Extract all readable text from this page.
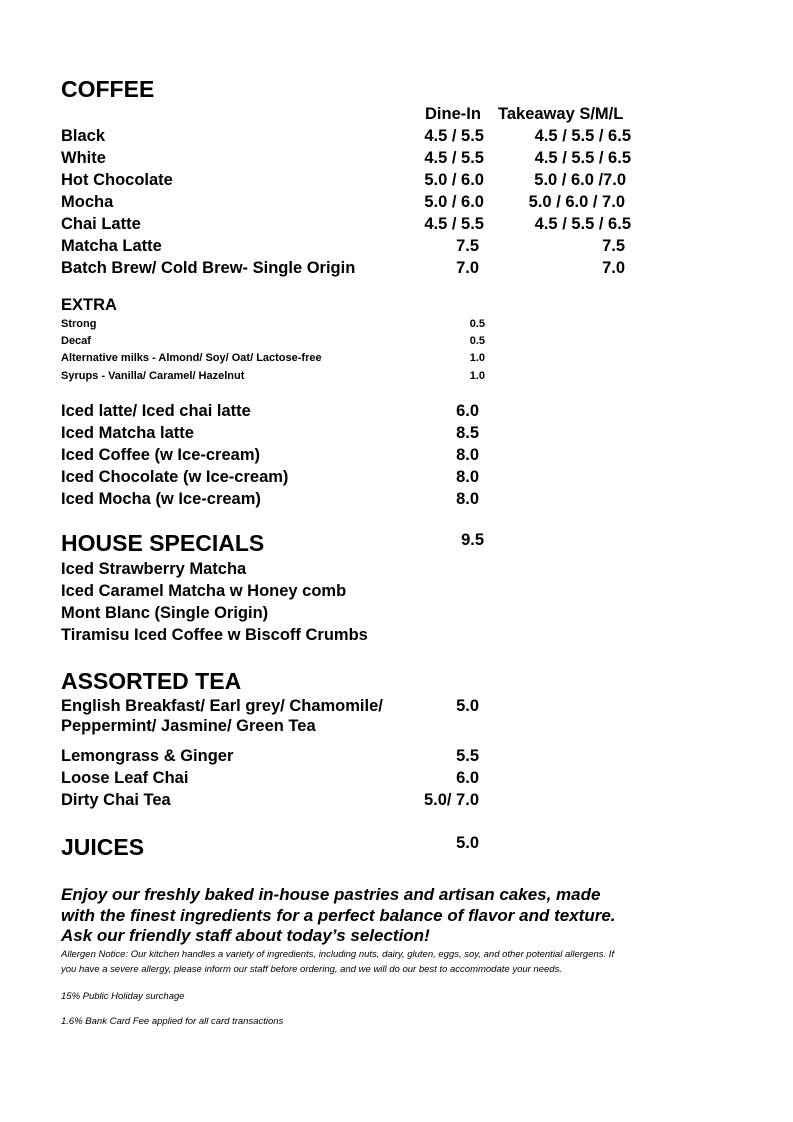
COFFEE
Dine-In Takeaway S/M/L
Black	4.5 / 5.5	4.5 / 5.5 / 6.5
White	4.5 / 5.5	4.5 / 5.5 / 6.5
Hot Chocolate	5.0 / 6.0	5.0 / 6.0 /7.0
Mocha	5.0 / 6.0	5.0 / 6.0 / 7.0
Chai Latte	4.5 / 5.5	4.5 / 5.5 / 6.5
Matcha Latte	7.5	7.5
Batch Brew/ Cold Brew- Single Origin	7.0	7.0
EXTRA
Strong	0.5
Decaf	0.5
Alternative milks - Almond/ Soy/ Oat/ Lactose-free	1.0
Syrups - Vanilla/ Caramel/ Hazelnut	1.0
Iced latte/ Iced chai latte	6.0
Iced Matcha latte	8.5
Iced Coffee (w Ice-cream)	8.0
Iced Chocolate (w Ice-cream)	8.0
Iced Mocha (w Ice-cream)	8.0
HOUSE SPECIALS	9.5
Iced Strawberry Matcha
Iced Caramel Matcha w Honey comb
Mont Blanc (Single Origin)
Tiramisu Iced Coffee w Biscoff Crumbs
ASSORTED TEA
English Breakfast/ Earl grey/ Chamomile/
Peppermint/ Jasmine/ Green Tea
5.0
Lemongrass & Ginger	5.5
Loose Leaf Chai	6.0
Dirty Chai Tea	5.0/ 7.0
JUICES	5.0
Enjoy our freshly baked in-house pastries and artisan cakes, made
with the finest ingredients for a perfect balance of flavor and texture.
Ask our friendly staff about today’s selection!
Allergen Notice: Our kitchen handles a variety of ingredients, including nuts, dairy, gluten, eggs, soy, and other potential allergens. If you have a severe allergy, please inform our staff before ordering, and we will do our best to accommodate your needs.
15% Public Holiday surchage
1.6% Bank Card Fee applied for all card transactions
